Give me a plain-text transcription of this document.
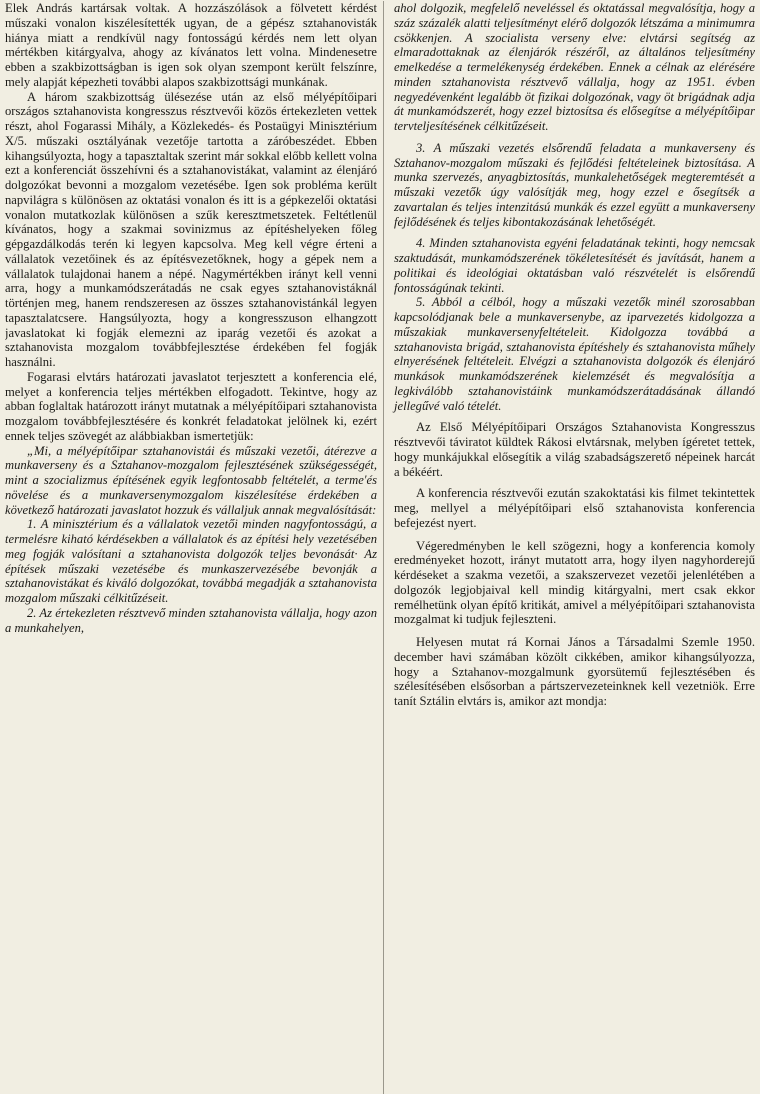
Elek András kartársak voltak. A hozzászólások a fölvetett kérdést műszaki vonalon kiszélesítették ugyan, de a gépész sztahanovisták hiánya miatt a rendkívül nagy fontosságú kérdés nem lett olyan mértékben kitárgyalva, ahogy az kívánatos lett volna. Mindenesetre ebben a szakbizottságban is igen sok olyan szempont került felszínre, mely alapját képezheti további alapos szakbizottsági munkának.

A három szakbizottság ülésezése után az első mélyépítőipari országos sztahanovista kongresszus résztvevői közös értekezleten vettek részt, ahol Fogarassi Mihály, a Közlekedés- és Postaügyi Minisztérium X/5. műszaki osztályának vezetője tartotta a záróbeszédet. Ebben kihangsúlyozta, hogy a tapasztaltak szerint már sokkal előbb kellett volna ezt a konferenciát összehívni és a sztahanovistákat, valamint az élenjáró dolgozókat bevonni a mozgalom vezetésébe. Igen sok probléma került napvilágra s különösen az oktatási vonalon és itt is a gépkezelői oktatási vonalon mutatkozlak különösen a szűk keresztmetszetek. Feltétlenül kívánatos, hogy a szakmai sovinizmus az építéshelyeken főleg gépgazdálkodás terén ki legyen kapcsolva. Meg kell végre érteni a vállalatok vezetőinek és az építésvezetőknek, hogy a gépek nem a vállalatok tulajdonai hanem a népé. Nagymértékben irányt kell venni arra, hogy a munkamódszerátadás ne csak egyes sztahanovistáknál történjen meg, hanem rendszeresen az összes sztahanovistánkál legyen tapasztalatcsere. Hangsúlyozta, hogy a kongresszuson elhangzott javaslatokat ki fogják elemezni az iparág vezetői és azokat a sztahanovista mozgalom továbbfejlesztése érdekében fel fogják használni.

Fogarasi elvtárs határozati javaslatot terjesztett a konferencia elé, melyet a konferencia teljes mértékben elfogadott. Tekintve, hogy az abban foglaltak határozott irányt mutatnak a mélyépítőipari sztahanovista mozgalom továbbfejlesztésére és konkrét feladatokat jelölnek ki, ezért ennek teljes szövegét az alábbiakban ismertetjük:

„Mi, a mélyépítőipar sztahanovistái és műszaki vezetői, átérezve a munkaverseny és a Sztahanov-mozgalom fejlesztésének szükségességét, mint a szocializmus építésének egyik legfontosabb feltételét, a terme'és növelése és a munkaversenymozgalom kiszélesítése érdekében a következő határozati javaslatot hozzuk és vállaljuk annak megvalósítását:

1. A minisztérium és a vállalatok vezetői minden nagyfontosságú, a termelésre kiható kérdésekben a vállalatok és az építési hely vezetésében meg fogják valósítani a sztahanovista dolgozók teljes bevonását· Az építések műszaki vezetésébe és munkaszervezésébe bevonják a sztahanovistákat és kiváló dolgozókat, továbbá megadják a sztahanovista mozgalom műszaki célkitűzéseit.

2. Az értekezleten résztvevő minden sztahanovista vállalja, hogy azon a munkahelyen,

ahol dolgozik, megfelelő neveléssel és oktatással megvalósítja, hogy a száz százalék alatti teljesítményt elérő dolgozók létszáma a minimumra csökkenjen. A szocialista verseny elve: elvtársi segítség az elmaradottaknak az élenjárók részéről, az általános teljesítmény emelkedése a termelékenység érdekében. Ennek a célnak az elérésére minden sztahanovista résztvevő vállalja, hogy az 1951. évben negyedévenként legalább öt fizikai dolgozónak, vagy öt brigádnak adja át munkamódszerét, hogy ezzel biztosítsa és elősegítse a mélyépítőipar tervteljesítésének célkitűzéseit.

3. A műszaki vezetés elsőrendű feladata a munkaverseny és Sztahanov-mozgalom műszaki és fejlődési feltételeinek biztosítása. A munka szervezés, anyagbiztosítás, munkalehetőségek megteremtését a műszaki vezetők úgy valósítják meg, hogy ezzel e ősegítsék a zavartalan és teljes intenzitású munkák és ezzel együtt a munkaverseny fejlődésének és teljes kibontakozásának lehetőségét.

4. Minden sztahanovista egyéni feladatának tekinti, hogy nemcsak szaktudását, munkamódszerének tökéletesítését és javítását, hanem a politikai és ideológiai oktatásban való részvételét is elsőrendű fontosságúnak tekinti.

5. Abból a célból, hogy a műszaki vezetők minél szorosabban kapcsolódjanak bele a munkaversenybe, az iparvezetés kidolgozza a műszakiak munkaversenyfeltételeit. Kidolgozza továbbá a sztahanovista brigád, sztahanovista építéshely és sztahanovista műhely elnyerésének feltételeit. Elvégzi a sztahanovista dolgozók és élenjáró munkások munkamódszerének kielemzését és megvalósítja a legkiválóbb sztahanovistáink munkamódszerátadásának állandó jellegűvé való tételét.

Az Első Mélyépítőipari Országos Sztahanovista Kongresszus résztvevői táviratot küldtek Rákosi elvtársnak, melyben ígéretet tettek, hogy munkájukkal elősegítik a világ szabadságszerető népeinek harcát a békéért.

A konferencia résztvevői ezután szakoktatási kis filmet tekintettek meg, mellyel a mélyépítőipari első sztahanovista konferencia befejezést nyert.

Végeredményben le kell szögezni, hogy a konferencia komoly eredményeket hozott, irányt mutatott arra, hogy ilyen nagyhorderejű kérdéseket a szakma vezetői, a szakszervezet vezetői jelenlétében a dolgozók legjobjaival kell mindig kitárgyalni, mert csak ekkor remélhetünk olyan építő kritikát, amivel a mélyépítőipari sztahanovista mozgalmat ki tudjuk fejleszteni.

Helyesen mutat rá Kornai János a Társadalmi Szemle 1950. december havi számában közölt cikkében, amikor kihangsúlyozza, hogy a Sztahanov-mozgalmunk gyorsütemű fejlesztésében és szélesítésében elsősorban a pártszervezeteinknek kell vezetniök. Erre tanít Sztálin elvtárs is, amikor azt mondja:
